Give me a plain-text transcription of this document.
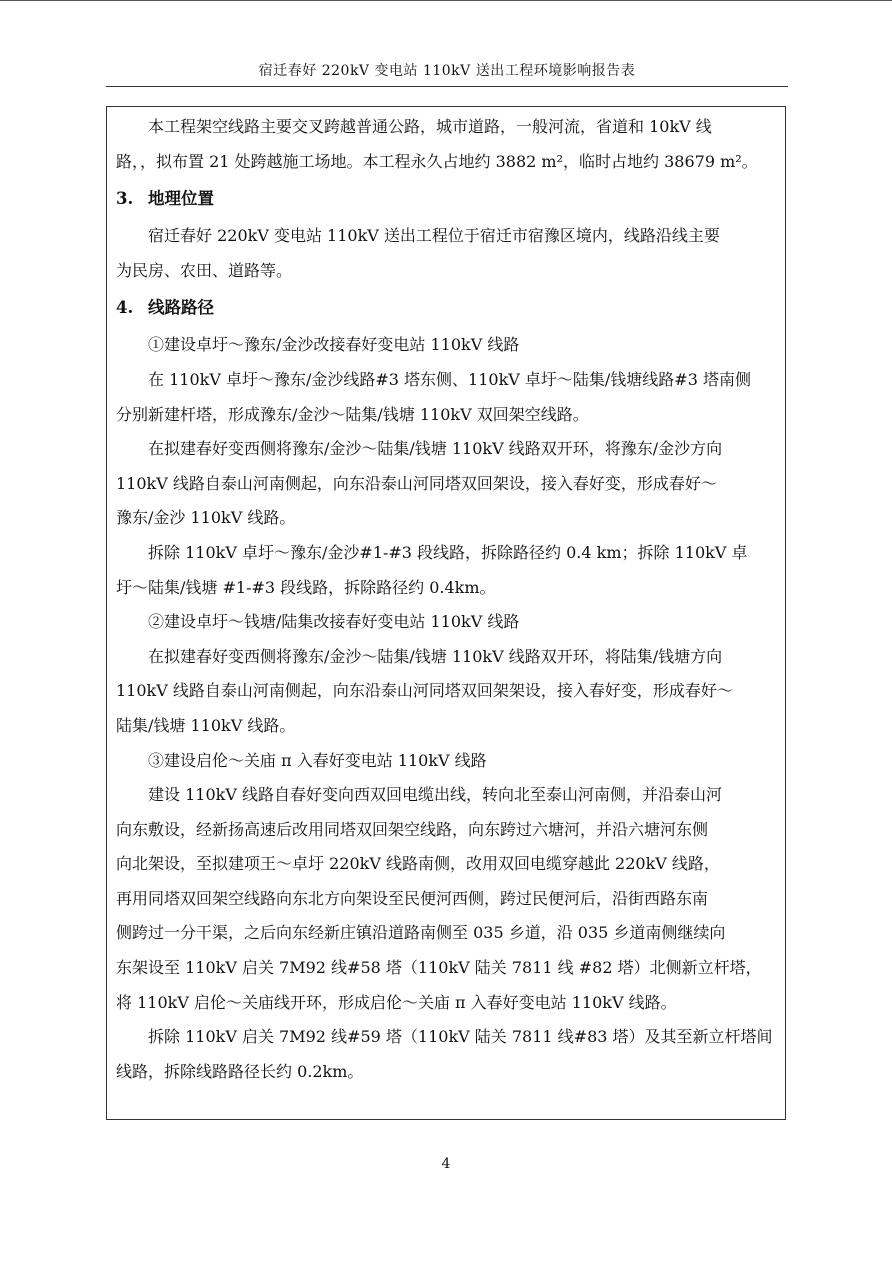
宿迁春好 220kV 变电站 110kV 送出工程环境影响报告表

本工程架空线路主要交叉跨越普通公路，城市道路，一般河流，省道和 10kV 线

路，，拟布置 21 处跨越施工场地。本工程永久占地约 3882 m²，临时占地约 38679 m²。

3. 地理位置

宿迁春好 220kV 变电站 110kV 送出工程位于宿迁市宿豫区境内，线路沿线主要

为民房、农田、道路等。

4. 线路路径

①建设卓圩～豫东/金沙改接春好变电站 110kV 线路

在 110kV 卓圩～豫东/金沙线路#3 塔东侧、110kV 卓圩～陆集/钱塘线路#3 塔南侧

分别新建杆塔，形成豫东/金沙～陆集/钱塘 110kV 双回架空线路。

在拟建春好变西侧将豫东/金沙～陆集/钱塘 110kV 线路双开环，将豫东/金沙方向

110kV 线路自泰山河南侧起，向东沿泰山河同塔双回架设，接入春好变，形成春好～

豫东/金沙 110kV 线路。

拆除 110kV 卓圩～豫东/金沙#1-#3 段线路，拆除路径约 0.4 km；拆除 110kV 卓

圩～陆集/钱塘 #1-#3 段线路，拆除路径约 0.4km。

②建设卓圩～钱塘/陆集改接春好变电站 110kV 线路

在拟建春好变西侧将豫东/金沙～陆集/钱塘 110kV 线路双开环，将陆集/钱塘方向

110kV 线路自泰山河南侧起，向东沿泰山河同塔双回架架设，接入春好变，形成春好～

陆集/钱塘 110kV 线路。

③建设启伦～关庙 π 入春好变电站 110kV 线路

建设 110kV 线路自春好变向西双回电缆出线，转向北至泰山河南侧，并沿泰山河

向东敷设，经新扬高速后改用同塔双回架空线路，向东跨过六塘河，并沿六塘河东侧

向北架设，至拟建项王～卓圩 220kV 线路南侧，改用双回电缆穿越此 220kV 线路，

再用同塔双回架空线路向东北方向架设至民便河西侧，跨过民便河后，沿街西路东南

侧跨过一分干渠，之后向东经新庄镇沿道路南侧至 035 乡道，沿 035 乡道南侧继续向

东架设至 110kV 启关 7M92 线#58 塔（110kV 陆关 7811 线 #82 塔）北侧新立杆塔，

将 110kV 启伦～关庙线开环，形成启伦～关庙 π 入春好变电站 110kV 线路。

拆除 110kV 启关 7M92 线#59 塔（110kV 陆关 7811 线#83 塔）及其至新立杆塔间

线路，拆除线路路径长约 0.2km。

4
